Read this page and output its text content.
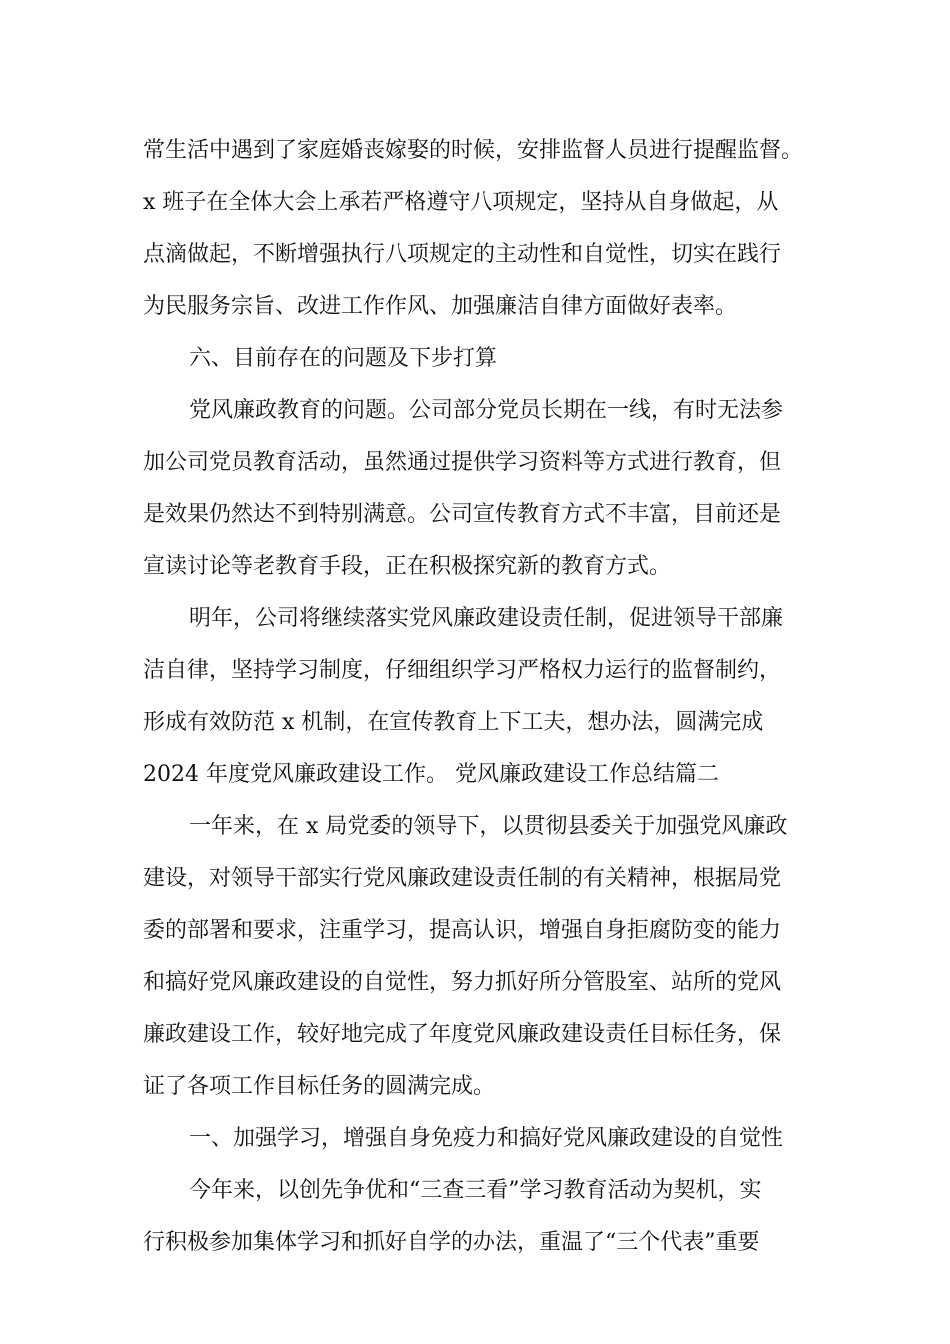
常生活中遇到了家庭婚丧嫁娶的时候，安排监督人员进行提醒监督。
x 班子在全体大会上承若严格遵守八项规定，坚持从自身做起，从
点滴做起，不断增强执行八项规定的主动性和自觉性，切实在践行
为民服务宗旨、改进工作作风、加强廉洁自律方面做好表率。
六、目前存在的问题及下步打算
党风廉政教育的问题。公司部分党员长期在一线，有时无法参
加公司党员教育活动，虽然通过提供学习资料等方式进行教育，但
是效果仍然达不到特别满意。公司宣传教育方式不丰富，目前还是
宣读讨论等老教育手段，正在积极探究新的教育方式。
明年，公司将继续落实党风廉政建设责任制，促进领导干部廉
洁自律，坚持学习制度，仔细组织学习严格权力运行的监督制约，
形成有效防范 x 机制，在宣传教育上下工夫，想办法，圆满完成
2024 年度党风廉政建设工作。 党风廉政建设工作总结篇二
一年来，在 x 局党委的领导下，以贯彻县委关于加强党风廉政
建设，对领导干部实行党风廉政建设责任制的有关精神，根据局党
委的部署和要求，注重学习，提高认识，增强自身拒腐防变的能力
和搞好党风廉政建设的自觉性，努力抓好所分管股室、站所的党风
廉政建设工作，较好地完成了年度党风廉政建设责任目标任务，保
证了各项工作目标任务的圆满完成。
一、加强学习，增强自身免疫力和搞好党风廉政建设的自觉性
今年来，以创先争优和“三查三看”学习教育活动为契机，实
行积极参加集体学习和抓好自学的办法，重温了“三个代表”重要
